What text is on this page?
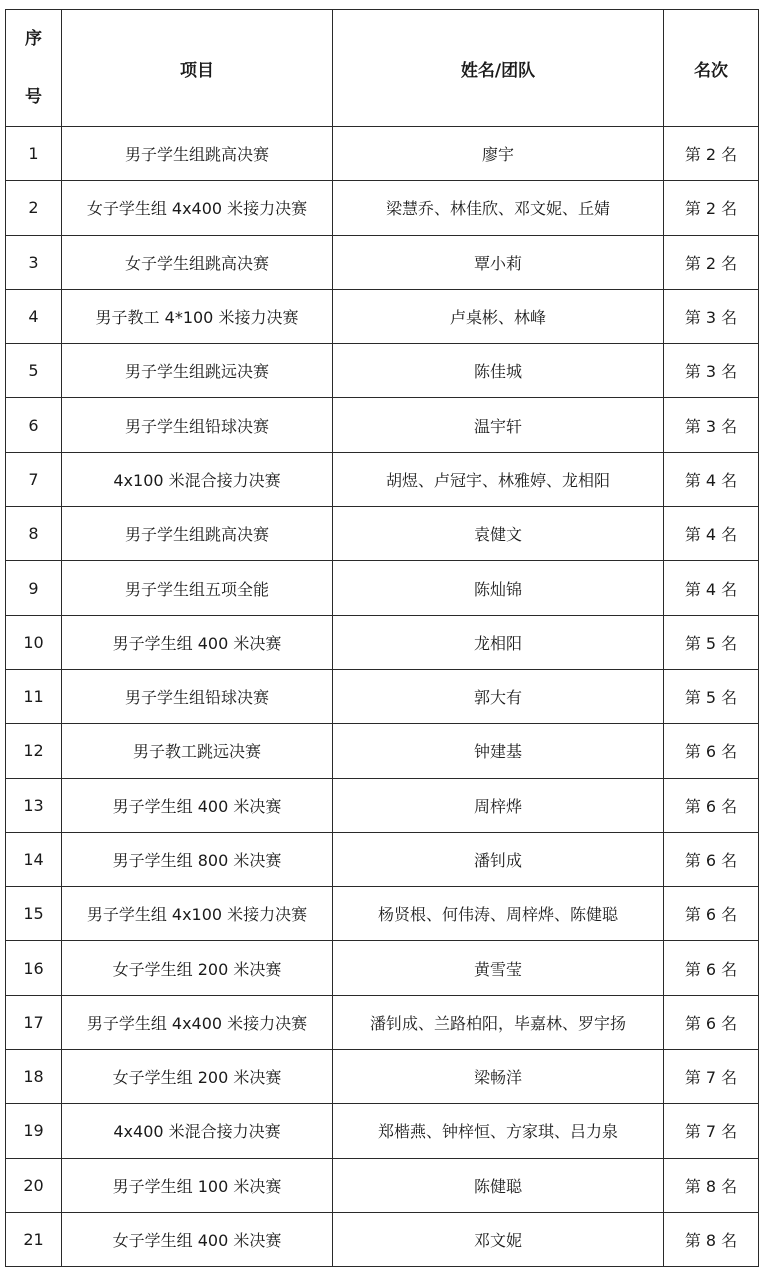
序
号	项目	姓名/团队	名次
1	男子学生组跳高决赛	廖宇	第 2 名
2	女子学生组 4x400 米接力决赛	梁慧乔、林佳欣、邓文妮、丘婧	第 2 名
3	女子学生组跳高决赛	覃小莉	第 2 名
4	男子教工 4*100 米接力决赛	卢桌彬、林峰	第 3 名
5	男子学生组跳远决赛	陈佳城	第 3 名
6	男子学生组铅球决赛	温宇轩	第 3 名
7	4x100 米混合接力决赛	胡煜、卢冠宇、林雅婷、龙相阳	第 4 名
8	男子学生组跳高决赛	袁健文	第 4 名
9	男子学生组五项全能	陈灿锦	第 4 名
10	男子学生组 400 米决赛	龙相阳	第 5 名
11	男子学生组铅球决赛	郭大有	第 5 名
12	男子教工跳远决赛	钟建基	第 6 名
13	男子学生组 400 米决赛	周梓烨	第 6 名
14	男子学生组 800 米决赛	潘钊成	第 6 名
15	男子学生组 4x100 米接力决赛	杨贤根、何伟涛、周梓烨、陈健聪	第 6 名
16	女子学生组 200 米决赛	黄雪莹	第 6 名
17	男子学生组 4x400 米接力决赛	潘钊成、兰路柏阳，毕嘉林、罗宇扬	第 6 名
18	女子学生组 200 米决赛	梁畅洋	第 7 名
19	4x400 米混合接力决赛	郑楷燕、钟梓恒、方家琪、吕力泉	第 7 名
20	男子学生组 100 米决赛	陈健聪	第 8 名
21	女子学生组 400 米决赛	邓文妮	第 8 名
